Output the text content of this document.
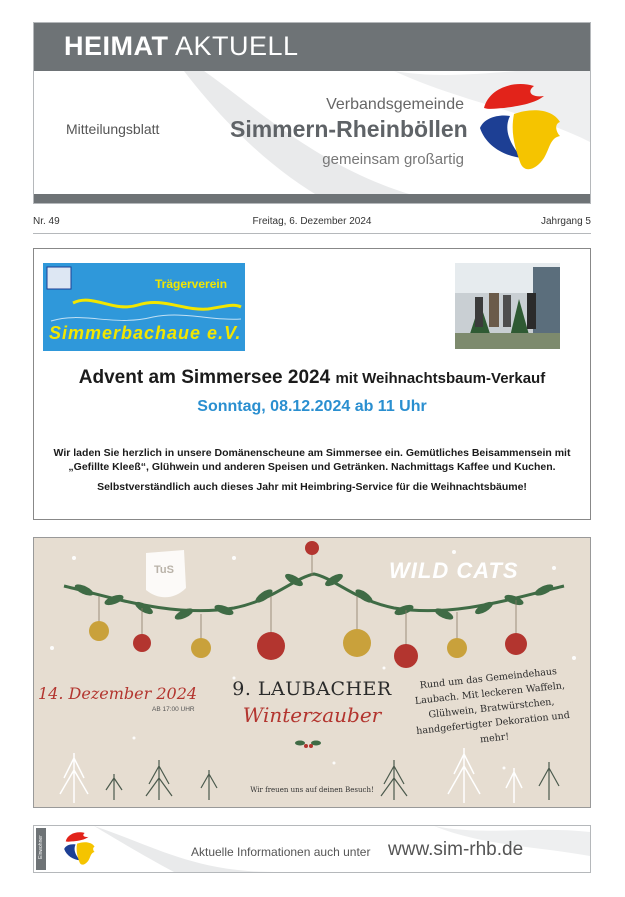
HEIMAT AKTUELL
Mitteilungsblatt
Verbandsgemeinde
Simmern-Rheinböllen
gemeinsam großartig
Nr. 49	Freitag, 6. Dezember 2024	Jahrgang 5
Trägerverein
Simmerbachaue e.V.
Advent am Simmersee 2024 mit Weihnachtsbaum-Verkauf
Sonntag, 08.12.2024 ab 11 Uhr

Wir laden Sie herzlich in unsere Domänenscheune am Simmersee ein. Gemütliches Beisammensein mit „Gefillte Kleeß“, Glühwein und anderen Speisen und Getränken. Nachmittags Kaffee und Kuchen.

Selbstverständlich auch dieses Jahr mit Heimbring-Service für die Weihnachtsbäume!

TuS	WILD CATS
14. Dezember 2024
AB 17:00 UHR
9. LAUBACHER
Winterzauber
Rund um das Gemeindehaus Laubach. Mit leckeren Waffeln, Glühwein, Bratwürstchen, handgefertigter Dekoration und mehr!
Wir freuen uns auf deinen Besuch!
Aktuelle Informationen auch unter www.sim-rhb.de
Einwohner
